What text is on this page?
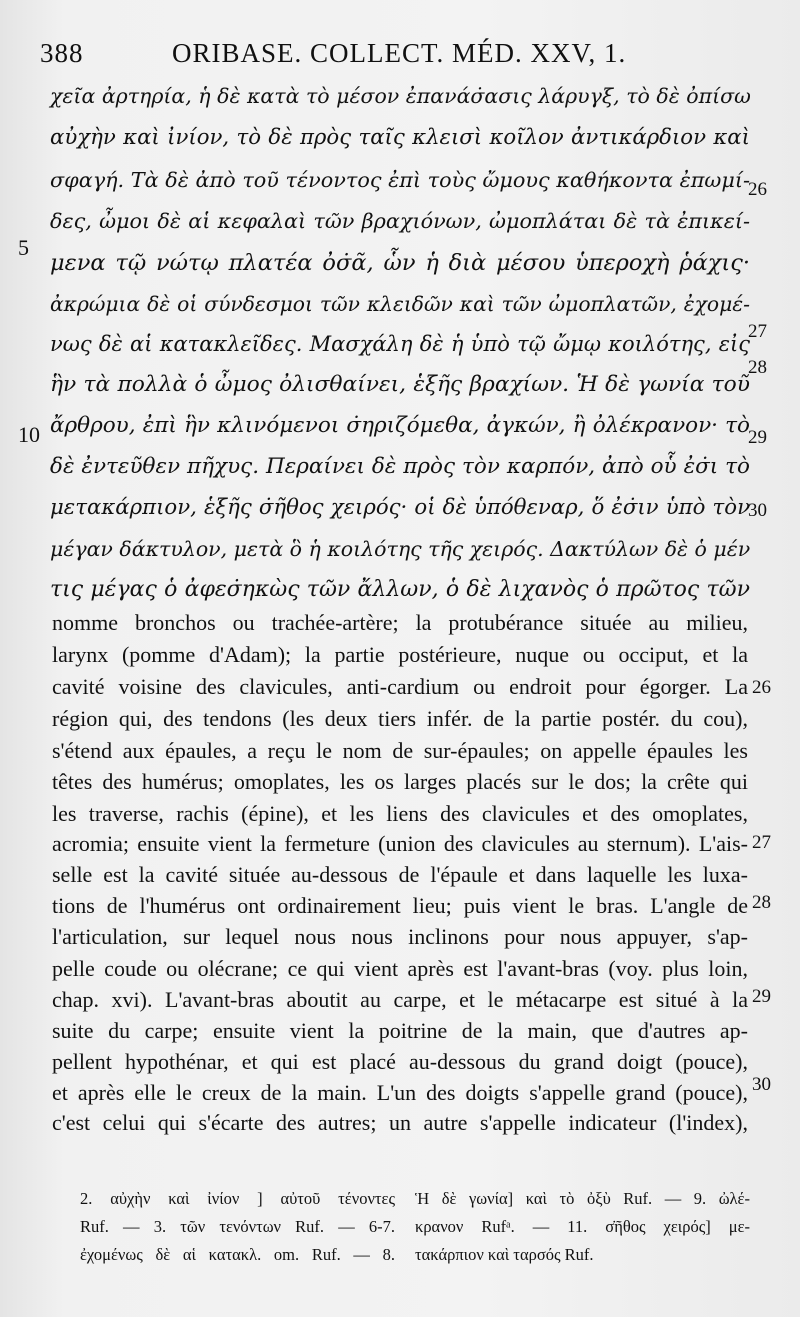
388	ORIBASE. COLLECT. MÉD. XXV, 1.
χεῖα ἀρτηρία, ἡ δὲ κατὰ τὸ μέσον ἐπανάσ̇ασις λάρυγξ, τὸ δὲ ὀπίσω
αὐχὴν καὶ ἰνίον, τὸ δὲ πρὸς ταῖς κλεισὶ κοῖλον ἀντικάρδιον καὶ
σφαγή. Τὰ δὲ ἀπὸ τοῦ τένοντος ἐπὶ τοὺς ὤμους καθήκοντα ἐπωμί-
δες, ὦμοι δὲ αἱ κεφαλαὶ τῶν βραχιόνων, ὠμοπλάται δὲ τὰ ἐπικεί-
μενα τῷ νώτῳ πλατέα ὀσ̇ᾶ, ὧν ἡ διὰ μέσου ὑπεροχὴ ῥάχις·
ἀκρώμια δὲ οἱ σύνδεσμοι τῶν κλειδῶν καὶ τῶν ὠμοπλατῶν, ἐχομέ-
νως δὲ αἱ κατακλεῖδες. Μασχάλη δὲ ἡ ὑπὸ τῷ ὤμῳ κοιλότης, εἰς
ἣν τὰ πολλὰ ὁ ὦμος ὀλισθαίνει, ἑξῆς βραχίων. Ἡ δὲ γωνία τοῦ
ἄρθρου, ἐπὶ ἣν κλινόμενοι σ̇ηριζόμεθα, ἀγκών, ἢ ὀλέκρανον· τὸ
δὲ ἐντεῦθεν πῆχυς. Περαίνει δὲ πρὸς τὸν καρπόν, ἀπὸ οὗ ἐσ̇ι τὸ
μετακάρπιον, ἑξῆς σ̇ῆθος χειρός· οἱ δὲ ὑπόθεναρ, ὅ ἐσ̇ιν ὑπὸ τὸν
μέγαν δάκτυλον, μετὰ ὃ ἡ κοιλότης τῆς χειρός. Δακτύλων δὲ ὁ μέν
τις μέγας ὁ ἀφεσ̇ηκὼς τῶν ἄλλων, ὁ δὲ λιχανὸς ὁ πρῶτος τῶν
5
10
26
27
28
29
30
nomme bronchos ou trachée-artère; la protubérance située au milieu,
larynx (pomme d'Adam); la partie postérieure, nuque ou occiput, et la
cavité voisine des clavicules, anti-cardium ou endroit pour égorger. La
région qui, des tendons (les deux tiers infér. de la partie postér. du cou),
s'étend aux épaules, a reçu le nom de sur-épaules; on appelle épaules les
têtes des humérus; omoplates, les os larges placés sur le dos; la crête qui
les traverse, rachis (épine), et les liens des clavicules et des omoplates,
acromia; ensuite vient la fermeture (union des clavicules au sternum). L'ais-
selle est la cavité située au-dessous de l'épaule et dans laquelle les luxa-
tions de l'humérus ont ordinairement lieu; puis vient le bras. L'angle de
l'articulation, sur lequel nous nous inclinons pour nous appuyer, s'ap-
pelle coude ou olécrane; ce qui vient après est l'avant-bras (voy. plus loin,
chap. xvi). L'avant-bras aboutit au carpe, et le métacarpe est situé à la
suite du carpe; ensuite vient la poitrine de la main, que d'autres ap-
pellent hypothénar, et qui est placé au-dessous du grand doigt (pouce),
et après elle le creux de la main. L'un des doigts s'appelle grand (pouce),
c'est celui qui s'écarte des autres; un autre s'appelle indicateur (l'index),
26
27
28
29
30
2. αὐχὴν καὶ ἰνίον ] αὐτοῦ τένοντες
Ruf. — 3. τῶν τενόντων Ruf. — 6-7.
ἐχομένως δὲ αἱ κατακλ. om. Ruf. — 8.
Ἡ δὲ γωνία] καὶ τὸ ὀξὺ Ruf. — 9. ὠλέ-
κρανον Rufᵃ. — 11. σ̇ῆθος χειρός] με-
τακάρπιον καὶ ταρσός Ruf.
